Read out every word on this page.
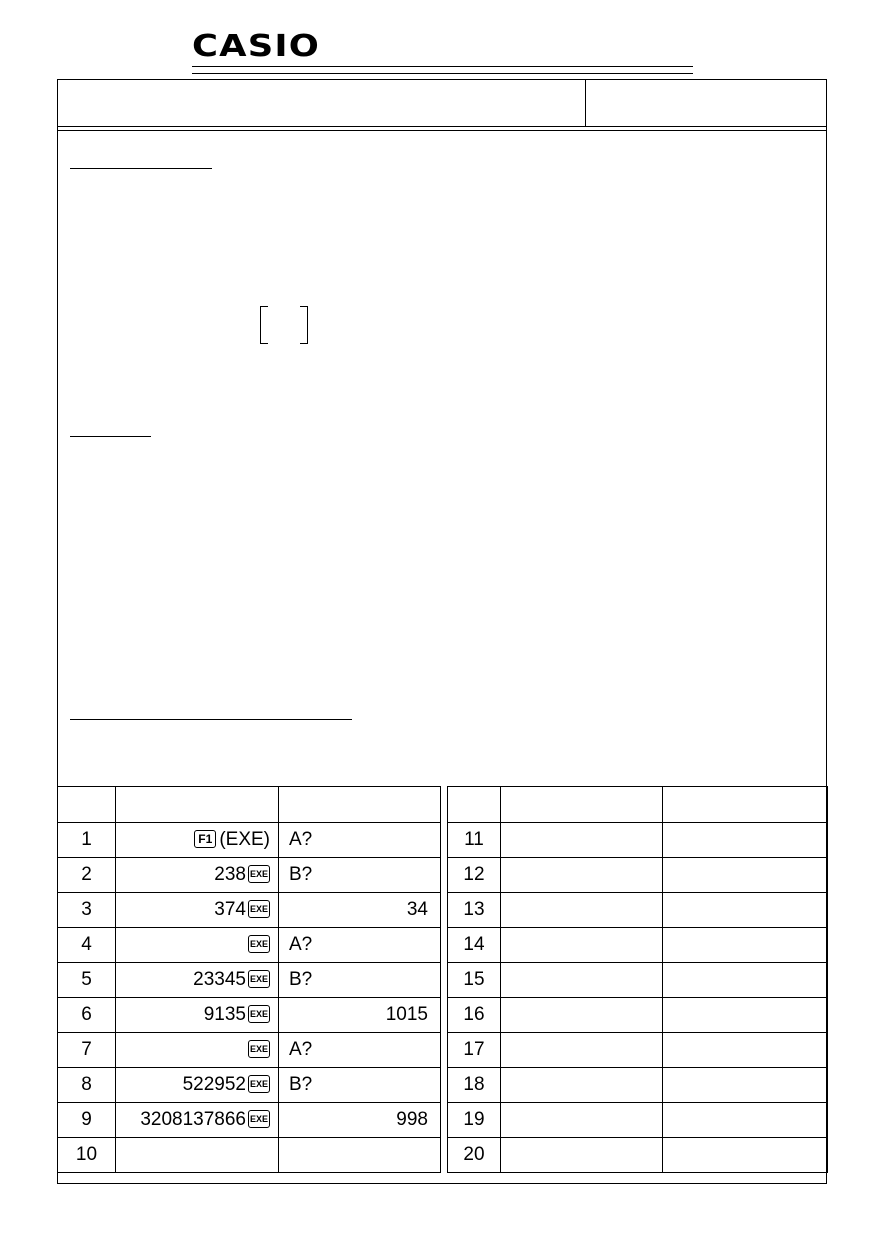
CASIO

1	F1 (EXE)	A?		11		
2	238 EXE	B?		12		
3	374 EXE	34		13		
4	EXE	A?		14		
5	23345 EXE	B?		15		
6	9135 EXE	1015		16		
7	EXE	A?		17		
8	522952 EXE	B?		18		
9	3208137866 EXE	998		19		
10				20		
